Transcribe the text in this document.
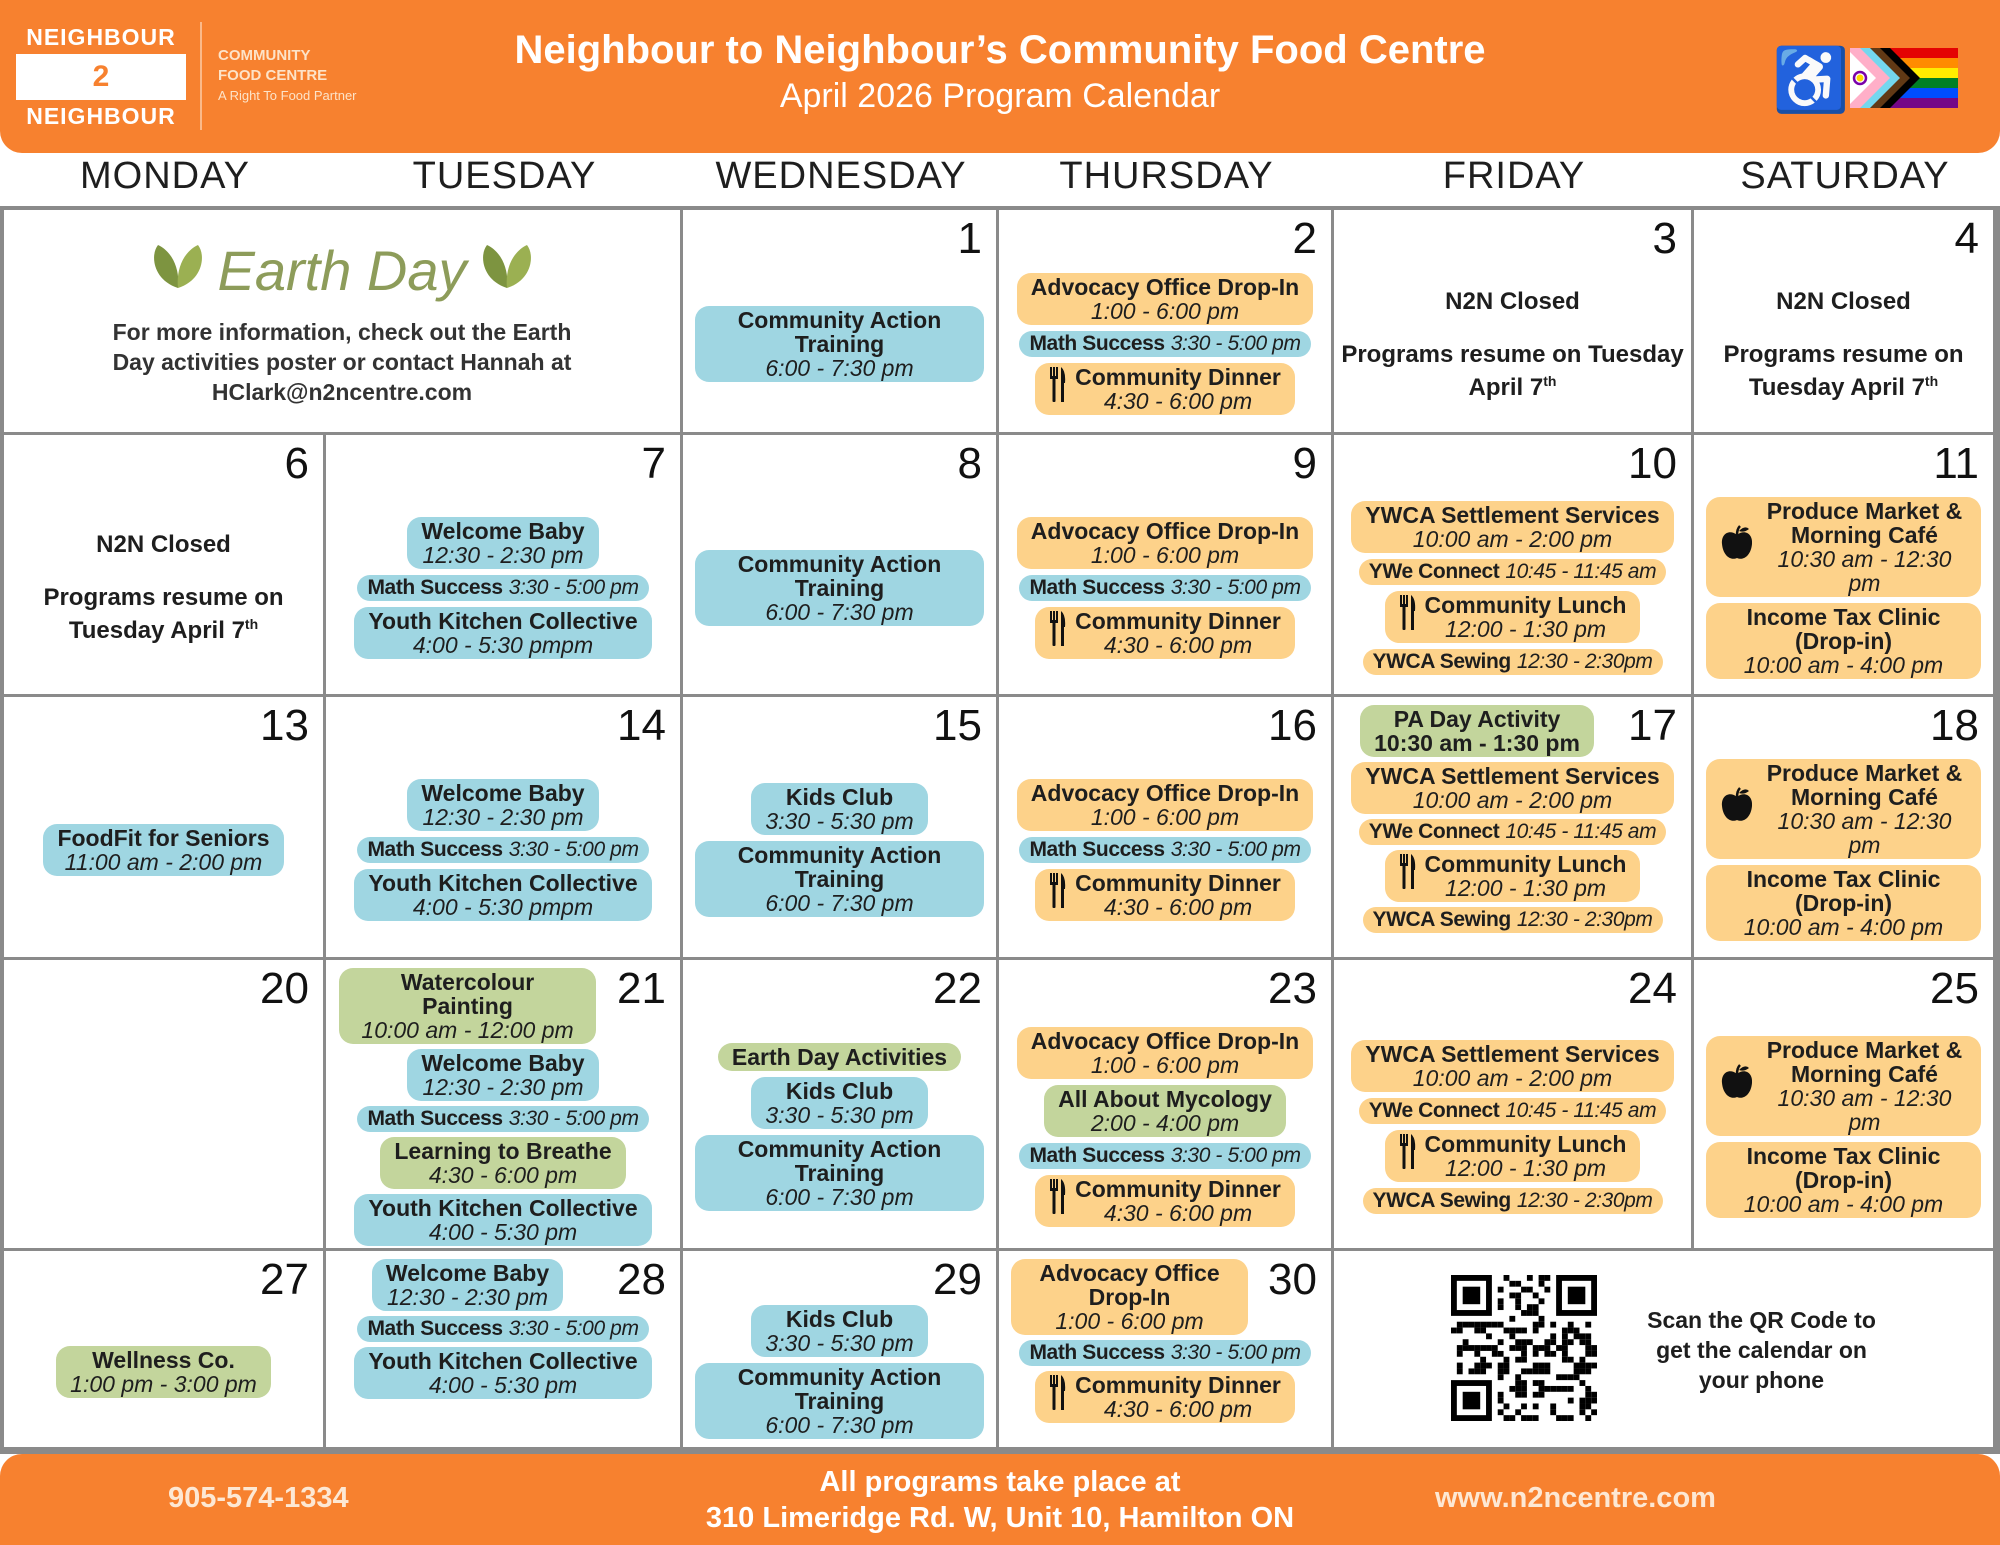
NEIGHBOUR
2
NEIGHBOUR
COMMUNITY
FOOD CENTRE
A Right To Food Partner
Neighbour to Neighbour’s Community Food Centre
April 2026 Program Calendar	♿
MONDAY	TUESDAY	WEDNESDAY	THURSDAY	FRIDAY	SATURDAY
Earth Day
For more information, check out the Earth Day activities poster or contact Hannah at HClark@n2ncentre.com
1
Community Action Training
6:00 - 7:30 pm
2
Advocacy Office Drop-In
1:00 - 6:00 pm
Math Success 3:30 - 5:00 pm
Community Dinner
4:30 - 6:00 pm
3
N2N Closed
Programs resume on Tuesday April 7th
4
N2N Closed
Programs resume on Tuesday April 7th
6
N2N Closed
Programs resume on Tuesday April 7th
7
Welcome Baby
12:30 - 2:30 pm
Math Success 3:30 - 5:00 pm
Youth Kitchen Collective
4:00 - 5:30 pmpm
8
Community Action Training
6:00 - 7:30 pm
9
Advocacy Office Drop-In
1:00 - 6:00 pm
Math Success 3:30 - 5:00 pm
Community Dinner
4:30 - 6:00 pm
10
YWCA Settlement Services
10:00 am - 2:00 pm
YWe Connect 10:45 - 11:45 am
Community Lunch
12:00 - 1:30 pm
YWCA Sewing 12:30 - 2:30pm
11
Produce Market & Morning Café
10:30 am - 12:30 pm
Income Tax Clinic (Drop-in)
10:00 am - 4:00 pm
13
FoodFit for Seniors
11:00 am - 2:00 pm
14
Welcome Baby
12:30 - 2:30 pm
Math Success 3:30 - 5:00 pm
Youth Kitchen Collective
4:00 - 5:30 pmpm
15
Kids Club
3:30 - 5:30 pm
Community Action Training
6:00 - 7:30 pm
16
Advocacy Office Drop-In
1:00 - 6:00 pm
Math Success 3:30 - 5:00 pm
Community Dinner
4:30 - 6:00 pm
17
PA Day Activity
10:30 am - 1:30 pm
YWCA Settlement Services
10:00 am - 2:00 pm
YWe Connect 10:45 - 11:45 am
Community Lunch
12:00 - 1:30 pm
YWCA Sewing 12:30 - 2:30pm
18
Produce Market & Morning Café
10:30 am - 12:30 pm
Income Tax Clinic (Drop-in)
10:00 am - 4:00 pm
20	21
Watercolour Painting
10:00 am - 12:00 pm
Welcome Baby
12:30 - 2:30 pm
Math Success 3:30 - 5:00 pm
Learning to Breathe
4:30 - 6:00 pm
Youth Kitchen Collective
4:00 - 5:30 pm
22
Earth Day Activities
Kids Club
3:30 - 5:30 pm
Community Action Training
6:00 - 7:30 pm
23
Advocacy Office Drop-In
1:00 - 6:00 pm
All About Mycology
2:00 - 4:00 pm
Math Success 3:30 - 5:00 pm
Community Dinner
4:30 - 6:00 pm
24
YWCA Settlement Services
10:00 am - 2:00 pm
YWe Connect 10:45 - 11:45 am
Community Lunch
12:00 - 1:30 pm
YWCA Sewing 12:30 - 2:30pm
25
Produce Market & Morning Café
10:30 am - 12:30 pm
Income Tax Clinic (Drop-in)
10:00 am - 4:00 pm
27
Wellness Co.
1:00 pm - 3:00 pm
28
Welcome Baby
12:30 - 2:30 pm
Math Success 3:30 - 5:00 pm
Youth Kitchen Collective
4:00 - 5:30 pm
29
Kids Club
3:30 - 5:30 pm
Community Action Training
6:00 - 7:30 pm
30
Advocacy Office Drop-In
1:00 - 6:00 pm
Math Success 3:30 - 5:00 pm
Community Dinner
4:30 - 6:00 pm
Scan the QR Code to get the calendar on your phone
905-574-1334	All programs take place at
310 Limeridge Rd. W, Unit 10, Hamilton ON
www.n2ncentre.com
